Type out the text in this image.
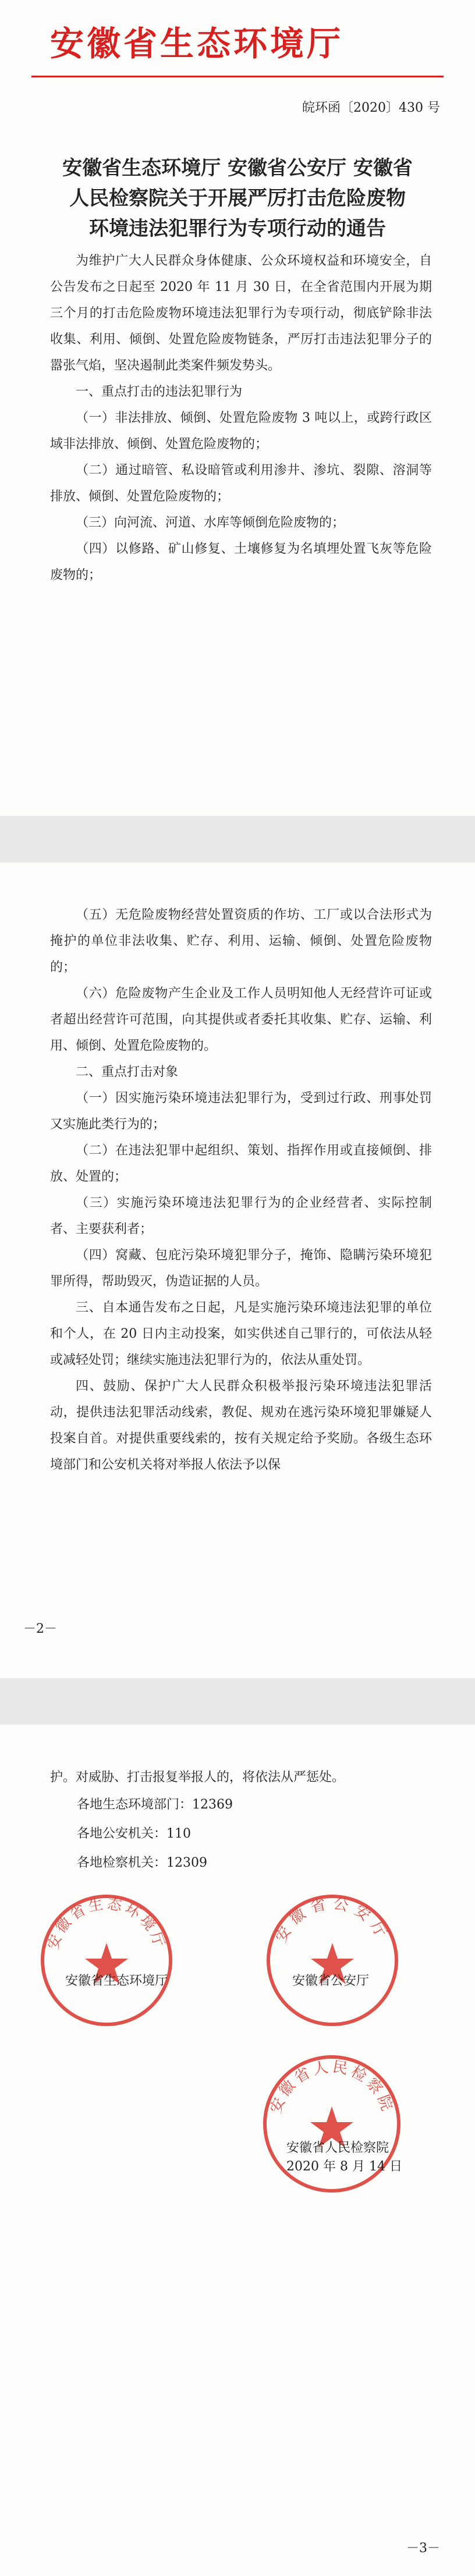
安徽省生态环境厅
皖环函〔2020〕430 号
安徽省生态环境厅 安徽省公安厅 安徽省
人民检察院关于开展严厉打击危险废物
环境违法犯罪行为专项行动的通告

为维护广大人民群众身体健康、公众环境权益和环境安全，自公告发布之日起至 2020 年 11 月 30 日，在全省范围内开展为期三个月的打击危险废物环境违法犯罪行为专项行动，彻底铲除非法收集、利用、倾倒、处置危险废物链条，严厉打击违法犯罪分子的嚣张气焰，坚决遏制此类案件频发势头。

一、重点打击的违法犯罪行为

（一）非法排放、倾倒、处置危险废物 3 吨以上，或跨行政区域非法排放、倾倒、处置危险废物的；

（二）通过暗管、私设暗管或利用渗井、渗坑、裂隙、溶洞等排放、倾倒、处置危险废物的；

（三）向河流、河道、水库等倾倒危险废物的；

（四）以修路、矿山修复、土壤修复为名填埋处置飞灰等危险废物的；

（五）无危险废物经营处置资质的作坊、工厂或以合法形式为掩护的单位非法收集、贮存、利用、运输、倾倒、处置危险废物的；

（六）危险废物产生企业及工作人员明知他人无经营许可证或者超出经营许可范围，向其提供或者委托其收集、贮存、运输、利用、倾倒、处置危险废物的。

二、重点打击对象

（一）因实施污染环境违法犯罪行为，受到过行政、刑事处罚又实施此类行为的；

（二）在违法犯罪中起组织、策划、指挥作用或直接倾倒、排放、处置的；

（三）实施污染环境违法犯罪行为的企业经营者、实际控制者、主要获利者；

（四）窝藏、包庇污染环境犯罪分子，掩饰、隐瞒污染环境犯罪所得，帮助毁灭，伪造证据的人员。

三、自本通告发布之日起，凡是实施污染环境违法犯罪的单位和个人，在 20 日内主动投案，如实供述自己罪行的，可依法从轻或减轻处罚；继续实施违法犯罪行为的，依法从重处罚。

四、鼓励、保护广大人民群众积极举报污染环境违法犯罪活动，提供违法犯罪活动线索，教促、规劝在逃污染环境犯罪嫌疑人投案自首。对提供重要线索的，按有关规定给予奖励。各级生态环境部门和公安机关将对举报人依法予以保

－2－

护。对威胁、打击报复举报人的，将依法从严惩处。

各地生态环境部门：12369
各地公安机关：110
各地检察机关：12309
安徽省生态环境厅
安徽省生态环境厅
安徽省公安厅
安徽省公安厅
安徽省人民检察院
安徽省人民检察院
2020 年 8 月 14 日
－3－
